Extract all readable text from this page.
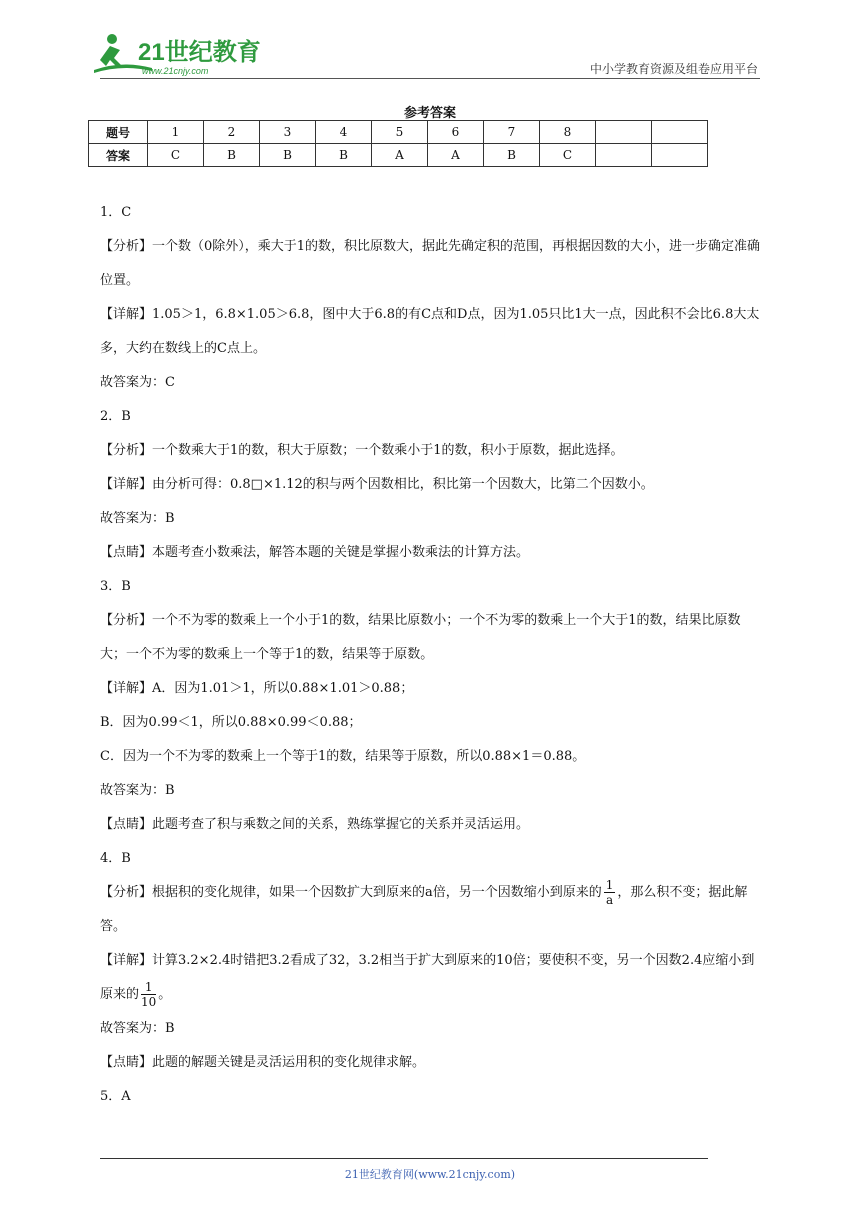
21世纪教育
www.21cnjy.com	中小学教育资源及组卷应用平台
参考答案
题号	1	2	3	4	5	6	7	8		
答案	C	B	B	B	A	A	B	C		

1．C

【分析】一个数（0除外），乘大于1的数，积比原数大，据此先确定积的范围，再根据因数的大小，进一步确定准确位置。

【详解】1.05＞1，6.8×1.05＞6.8，图中大于6.8的有C点和D点，因为1.05只比1大一点，因此积不会比6.8大太多，大约在数线上的C点上。

故答案为：C

2．B

【分析】一个数乘大于1的数，积大于原数；一个数乘小于1的数，积小于原数，据此选择。

【详解】由分析可得：0.8□×1.12的积与两个因数相比，积比第一个因数大，比第二个因数小。

故答案为：B

【点睛】本题考查小数乘法，解答本题的关键是掌握小数乘法的计算方法。

3．B

【分析】一个不为零的数乘上一个小于1的数，结果比原数小；一个不为零的数乘上一个大于1的数，结果比原数大；一个不为零的数乘上一个等于1的数，结果等于原数。

【详解】A．因为1.01＞1，所以0.88×1.01＞0.88；

B．因为0.99＜1，所以0.88×0.99＜0.88；

C．因为一个不为零的数乘上一个等于1的数，结果等于原数，所以0.88×1＝0.88。

故答案为：B

【点睛】此题考查了积与乘数之间的关系，熟练掌握它的关系并灵活运用。

4．B

【分析】根据积的变化规律，如果一个因数扩大到原来的a倍，另一个因数缩小到原来的 $\frac{1}{a}$ ，那么积不变；据此解答。

【详解】计算3.2×2.4时错把3.2看成了32，3.2相当于扩大到原来的10倍；要使积不变，另一个因数2.4应缩小到原来的 $\frac{1}{10}$ 。

故答案为：B

【点睛】此题的解题关键是灵活运用积的变化规律求解。

5．A

21世纪教育网(www.21cnjy.com)
